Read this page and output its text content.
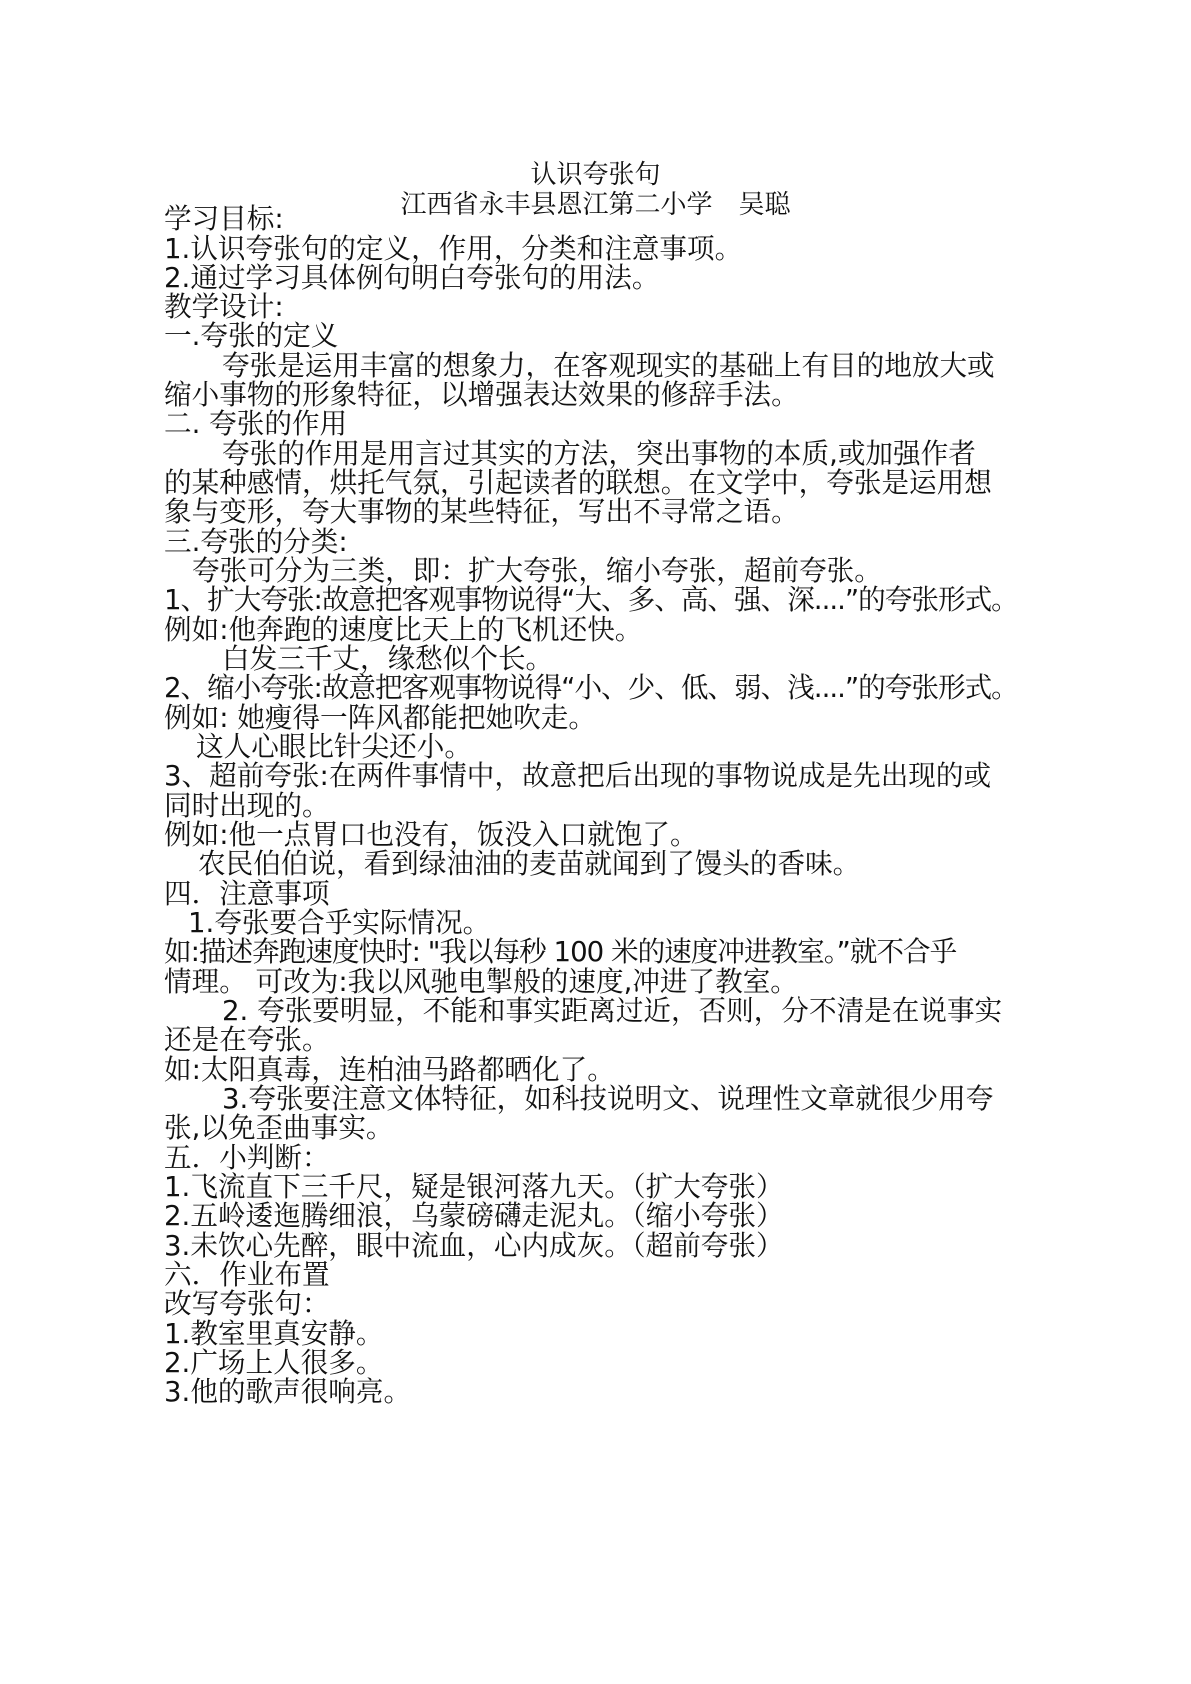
认识夸张句
江西省永丰县恩江第二小学　吴聪
学习目标:
1.认识夸张句的定义，作用，分类和注意事项。
2.通过学习具体例句明白夸张句的用法。
教学设计:
一.夸张的定义
夸张是运用丰富的想象力，在客观现实的基础上有目的地放大或
缩小事物的形象特征，以增强表达效果的修辞手法。
二. 夸张的作用
夸张的作用是用言过其实的方法，突出事物的本质,或加强作者
的某种感情，烘托气氛，引起读者的联想。在文学中，夸张是运用想
象与变形，夸大事物的某些特征，写出不寻常之语。
三.夸张的分类:
夸张可分为三类，即：扩大夸张，缩小夸张，超前夸张。
1、扩大夸张:故意把客观事物说得“大、多、高、强、深....”的夸张形式。
例如:他奔跑的速度比天上的飞机还快。
白发三千丈，缘愁似个长。
2、缩小夸张:故意把客观事物说得“小、少、低、弱、浅....”的夸张形式。
例如: 她瘦得一阵风都能把她吹走。
这人心眼比针尖还小。
3、超前夸张:在两件事情中，故意把后出现的事物说成是先出现的或
同时出现的。
例如:他一点胃口也没有，饭没入口就饱了。
农民伯伯说，看到绿油油的麦苗就闻到了馒头的香味。
四．注意事项
1.夸张要合乎实际情况。
如:描述奔跑速度快时: "我以每秒 100 米的速度冲进教室。”就不合乎
情理。 可改为:我以风驰电掣般的速度,冲进了教室。
2. 夸张要明显，不能和事实距离过近，否则，分不清是在说事实
还是在夸张。
如:太阳真毒，连柏油马路都晒化了。
3.夸张要注意文体特征，如科技说明文、说理性文章就很少用夸
张,以免歪曲事实。
五．小判断：
1.飞流直下三千尺，疑是银河落九天。（扩大夸张）
2.五岭逶迤腾细浪，乌蒙磅礴走泥丸。（缩小夸张）
3.未饮心先醉，眼中流血，心内成灰。（超前夸张）
六．作业布置
改写夸张句：
1.教室里真安静。
2.广场上人很多。
3.他的歌声很响亮。
